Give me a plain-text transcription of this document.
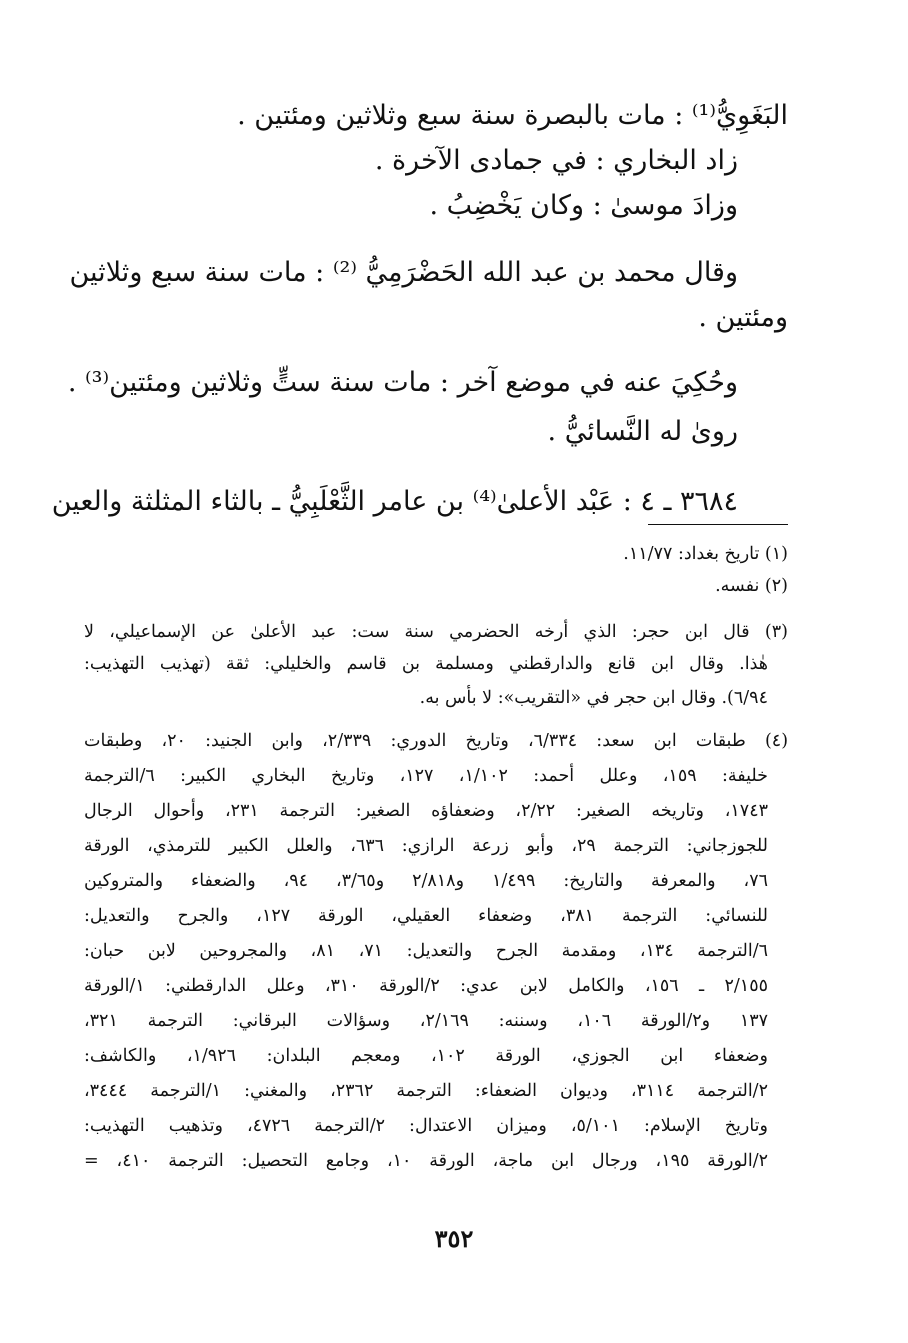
البَغَوِيُّ⁽¹⁾ : مات بالبصرة سنة سبع وثلاثين ومئتين .
زاد البخاري : في جمادى الآخرة .
وزادَ موسىٰ : وكان يَخْضِبُ .
وقال محمد بن عبد الله الحَضْرَمِيُّ ⁽²⁾ : مات سنة سبع وثلاثين
ومئتين .
وحُكِيَ عنه في موضع آخر : مات سنة ستٍّ وثلاثين ومئتين⁽³⁾ .
روىٰ له النَّسائيُّ .
٣٦٨٤ ـ ٤ : عَبْد الأعلىٰ⁽⁴⁾ بن عامر الثَّعْلَبِيُّ ـ بالثاء المثلثة والعين
(١) تاريخ بغداد: ١١/٧٧.
(٢) نفسه.
(٣) قال ابن حجر: الذي أرخه الحضرمي سنة ست: عبد الأعلىٰ عن الإسماعيلي، لا
هٰذا. وقال ابن قانع والدارقطني ومسلمة بن قاسم والخليلي: ثقة (تهذيب التهذيب:
٦/٩٤). وقال ابن حجر في «التقريب»: لا بأس به.
(٤) طبقات ابن سعد: ٦/٣٣٤، وتاريخ الدوري: ٢/٣٣٩، وابن الجنيد: ٢٠، وطبقات
خليفة: ١٥٩، وعلل أحمد: ١/١٠٢، ١٢٧، وتاريخ البخاري الكبير: ٦/الترجمة
١٧٤٣، وتاريخه الصغير: ٢/٢٢، وضعفاؤه الصغير: الترجمة ٢٣١، وأحوال الرجال
للجوزجاني: الترجمة ٢٩، وأبو زرعة الرازي: ٦٣٦، والعلل الكبير للترمذي، الورقة
٧٦، والمعرفة والتاريخ: ١/٤٩٩ و٢/٨١٨ و٣/٦٥، ٩٤، والضعفاء والمتروكين
للنسائي: الترجمة ٣٨١، وضعفاء العقيلي، الورقة ١٢٧، والجرح والتعديل:
٦/الترجمة ١٣٤، ومقدمة الجرح والتعديل: ٧١، ٨١، والمجروحين لابن حبان:
٢/١٥٥ ـ ١٥٦، والكامل لابن عدي: ٢/الورقة ٣١٠، وعلل الدارقطني: ١/الورقة
١٣٧ و٢/الورقة ١٠٦، وسننه: ٢/١٦٩، وسؤالات البرقاني: الترجمة ٣٢١،
وضعفاء ابن الجوزي، الورقة ١٠٢، ومعجم البلدان: ١/٩٢٦، والكاشف:
٢/الترجمة ٣١١٤، وديوان الضعفاء: الترجمة ٢٣٦٢، والمغني: ١/الترجمة ٣٤٤٤،
وتاريخ الإسلام: ٥/١٠١، وميزان الاعتدال: ٢/الترجمة ٤٧٢٦، وتذهيب التهذيب:
٢/الورقة ١٩٥، ورجال ابن ماجة، الورقة ١٠، وجامع التحصيل: الترجمة ٤١٠، =
٣٥٢
